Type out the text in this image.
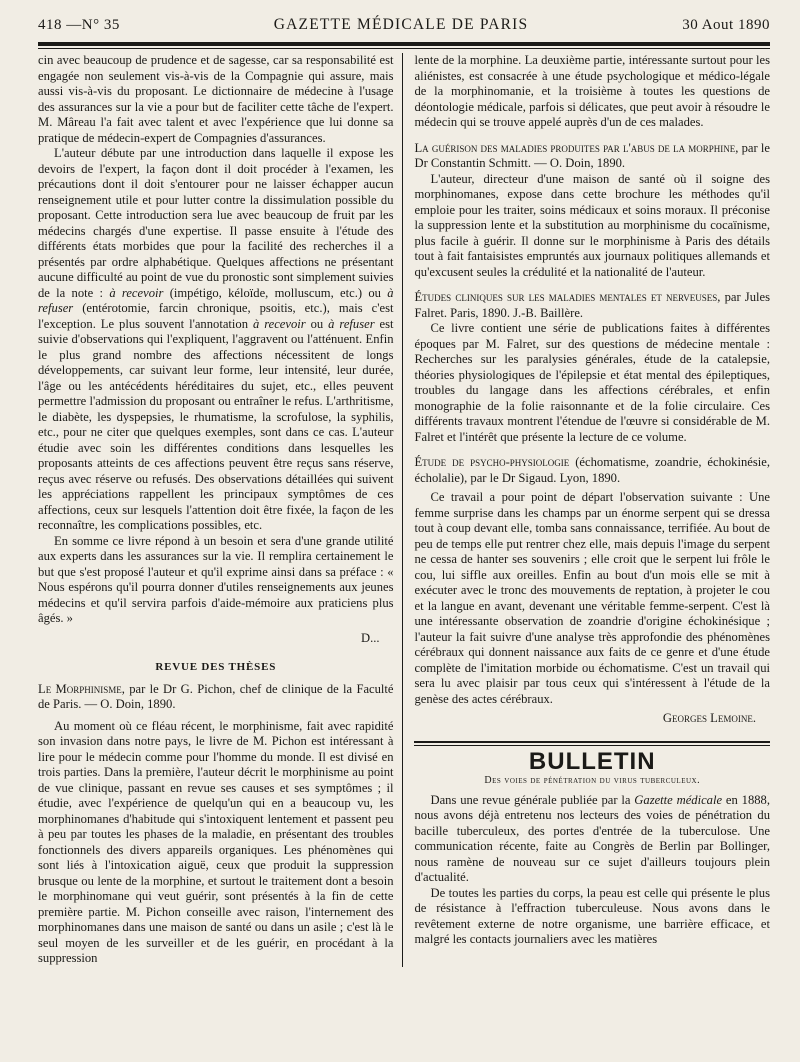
418 —N° 35	GAZETTE MÉDICALE DE PARIS	30 Aout 1890

cin avec beaucoup de prudence et de sagesse, car sa responsabilité est engagée non seulement vis-à-vis de la Compagnie qui assure, mais aussi vis-à-vis du proposant. Le dictionnaire de médecine à l'usage des assurances sur la vie a pour but de faciliter cette tâche de l'expert. M. Mâreau l'a fait avec talent et avec l'expérience que lui donne sa pratique de médecin-expert de Compagnies d'assurances.

L'auteur débute par une introduction dans laquelle il expose les devoirs de l'expert, la façon dont il doit procéder à l'examen, les précautions dont il doit s'entourer pour ne laisser échapper aucun renseignement utile et pour lutter contre la dissimulation possible du proposant. Cette introduction sera lue avec beaucoup de fruit par les médecins chargés d'une expertise. Il passe ensuite à l'étude des différents états morbides que pour la facilité des recherches il a présentés par ordre alphabétique. Quelques affections ne présentant aucune difficulté au point de vue du pronostic sont simplement suivies de la note : à recevoir (impétigo, kéloïde, molluscum, etc.) ou à refuser (entérotomie, farcin chronique, psoitis, etc.), mais c'est l'exception. Le plus souvent l'annotation à recevoir ou à refuser est suivie d'observations qui l'expliquent, l'aggravent ou l'atténuent. Enfin le plus grand nombre des affections nécessitent de longs développements, car suivant leur forme, leur intensité, leur durée, l'âge ou les antécédents héréditaires du sujet, etc., elles peuvent permettre l'admission du proposant ou entraîner le refus. L'arthritisme, le diabète, les dyspepsies, le rhumatisme, la scrofulose, la syphilis, etc., pour ne citer que quelques exemples, sont dans ce cas. L'auteur étudie avec soin les différentes conditions dans lesquelles les proposants atteints de ces affections peuvent être reçus sans réserve, reçus avec réserve ou refusés. Des observations détaillées qui suivent les appréciations rappellent les principaux symptômes de ces affections, ceux sur lesquels l'attention doit être fixée, la façon de les reconnaître, les complications possibles, etc.

En somme ce livre répond à un besoin et sera d'une grande utilité aux experts dans les assurances sur la vie. Il remplira certainement le but que s'est proposé l'auteur et qu'il exprime ainsi dans sa préface : « Nous espérons qu'il pourra donner d'utiles renseignements aux jeunes médecins et qu'il servira parfois d'aide-mémoire aux praticiens plus âgés. »

D...
REVUE DES THÈSES

Le Morphinisme, par le Dr G. Pichon, chef de clinique de la Faculté de Paris. — O. Doin, 1890.

Au moment où ce fléau récent, le morphinisme, fait avec rapidité son invasion dans notre pays, le livre de M. Pichon est intéressant à lire pour le médecin comme pour l'homme du monde. Il est divisé en trois parties. Dans la première, l'auteur décrit le morphinisme au point de vue clinique, passant en revue ses causes et ses symptômes ; il étudie, avec l'expérience de quelqu'un qui en a beaucoup vu, les morphinomanes d'habitude qui s'intoxiquent lentement et passent peu à peu par toutes les phases de la maladie, en présentant des troubles fonctionnels des divers appareils organiques. Les phénomènes qui sont liés à l'intoxication aiguë, ceux que produit la suppression brusque ou lente de la morphine, et surtout le traitement dont a besoin le morphinomane qui veut guérir, sont présentés à la fin de cette première partie. M. Pichon conseille avec raison, l'internement des morphinomanes dans une maison de santé ou dans un asile ; c'est là le seul moyen de les surveiller et de les guérir, en procédant à la suppression

lente de la morphine. La deuxième partie, intéressante surtout pour les aliénistes, est consacrée à une étude psychologique et médico-légale de la morphinomanie, et la troisième à toutes les questions de déontologie médicale, parfois si délicates, que peut avoir à résoudre le médecin qui se trouve appelé auprès d'un de ces malades.

La guérison des maladies produites par l'abus de la morphine, par le Dr Constantin Schmitt. — O. Doin, 1890.

L'auteur, directeur d'une maison de santé où il soigne des morphinomanes, expose dans cette brochure les méthodes qu'il emploie pour les traiter, soins médicaux et soins moraux. Il préconise la suppression lente et la substitution au morphinisme du cocaïnisme, plus facile à guérir. Il donne sur le morphinisme à Paris des détails tout à fait fantaisistes empruntés aux journaux politiques allemands et qu'excusent seules la crédulité et la nationalité de l'auteur.

Études cliniques sur les maladies mentales et nerveuses, par Jules Falret. Paris, 1890. J.-B. Baillère.

Ce livre contient une série de publications faites à différentes époques par M. Falret, sur des questions de médecine mentale : Recherches sur les paralysies générales, étude de la catalepsie, théories physiologiques de l'épilepsie et état mental des épileptiques, troubles du langage dans les affections cérébrales, et enfin monographie de la folie raisonnante et de la folie circulaire. Ces différents travaux montrent l'étendue de l'œuvre si considérable de M. Falret et l'intérêt que présente la lecture de ce volume.

Étude de psycho-physiologie (échomatisme, zoandrie, échokinésie, écholalie), par le Dr Sigaud. Lyon, 1890.

Ce travail a pour point de départ l'observation suivante : Une femme surprise dans les champs par un énorme serpent qui se dressa tout à coup devant elle, tomba sans connaissance, terrifiée. Au bout de peu de temps elle put rentrer chez elle, mais depuis l'image du serpent ne cessa de hanter ses souvenirs ; elle croit que le serpent lui frôle le cou, lui siffle aux oreilles. Enfin au bout d'un mois elle se mit à exécuter avec le tronc des mouvements de reptation, à projeter le cou et la langue en avant, devenant une véritable femme-serpent. C'est là une intéressante observation de zoandrie d'origine échokinésique ; l'auteur la fait suivre d'une analyse très approfondie des phénomènes cérébraux qui donnent naissance aux faits de ce genre et d'une étude complète de l'imitation morbide ou échomatisme. C'est un travail qui sera lu avec plaisir par tous ceux qui s'intéressent à l'étude de la genèse des actes cérébraux.

Georges Lemoine.
BULLETIN
Des voies de pénétration du virus tuberculeux.

Dans une revue générale publiée par la Gazette médicale en 1888, nous avons déjà entretenu nos lecteurs des voies de pénétration du bacille tuberculeux, des portes d'entrée de la tuberculose. Une communication récente, faite au Congrès de Berlin par Bollinger, nous ramène de nouveau sur ce sujet d'ailleurs toujours plein d'actualité.

De toutes les parties du corps, la peau est celle qui présente le plus de résistance à l'effraction tuberculeuse. Nous avons dans le revêtement externe de notre organisme, une barrière efficace, et malgré les contacts journaliers avec les matières
